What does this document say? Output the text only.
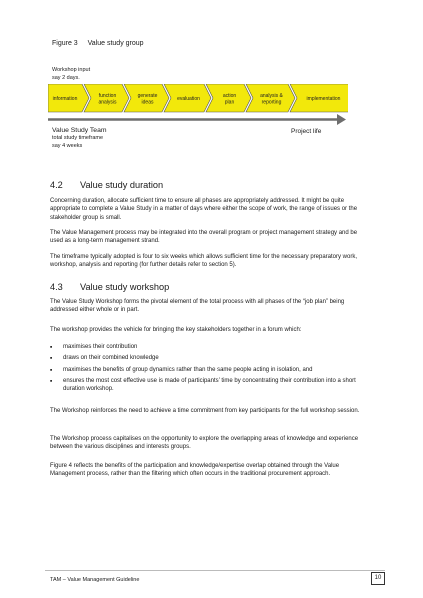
Figure 3 Value study group
Workshop input
say 2 days.
information
function
analysis
generate
ideas
evaluation
action
plan
analysis &
reporting
implementation
Value Study Team
total study timeframe
say 4 weeks
Project life
4.2 Value study duration

Concerning duration, allocate sufficient time to ensure all phases are appropriately addressed. It might be quite appropriate to complete a Value Study in a matter of days where either the scope of work, the range of issues or the stakeholder group is small.

The Value Management process may be integrated into the overall program or project management strategy and be used as a long-term management strand.

The timeframe typically adopted is four to six weeks which allows sufficient time for the necessary preparatory work, workshop, analysis and reporting (for further details refer to section 5).

4.3 Value study workshop

The Value Study Workshop forms the pivotal element of the total process with all phases of the “job plan” being addressed either whole or in part.

The workshop provides the vehicle for bringing the key stakeholders together in a forum which:

■ maximises their contribution
■ draws on their combined knowledge
■ maximises the benefits of group dynamics rather than the same people acting in isolation, and
■ ensures the most cost effective use is made of participants’ time by concentrating their contribution into a short duration workshop.

The Workshop reinforces the need to achieve a time commitment from key participants for the full workshop session.

The Workshop process capitalises on the opportunity to explore the overlapping areas of knowledge and experience between the various disciplines and interests groups.

Figure 4 reflects the benefits of the participation and knowledge/expertise overlap obtained through the Value Management process, rather than the filtering which often occurs in the traditional procurement approach.

TAM – Value Management Guideline	10
